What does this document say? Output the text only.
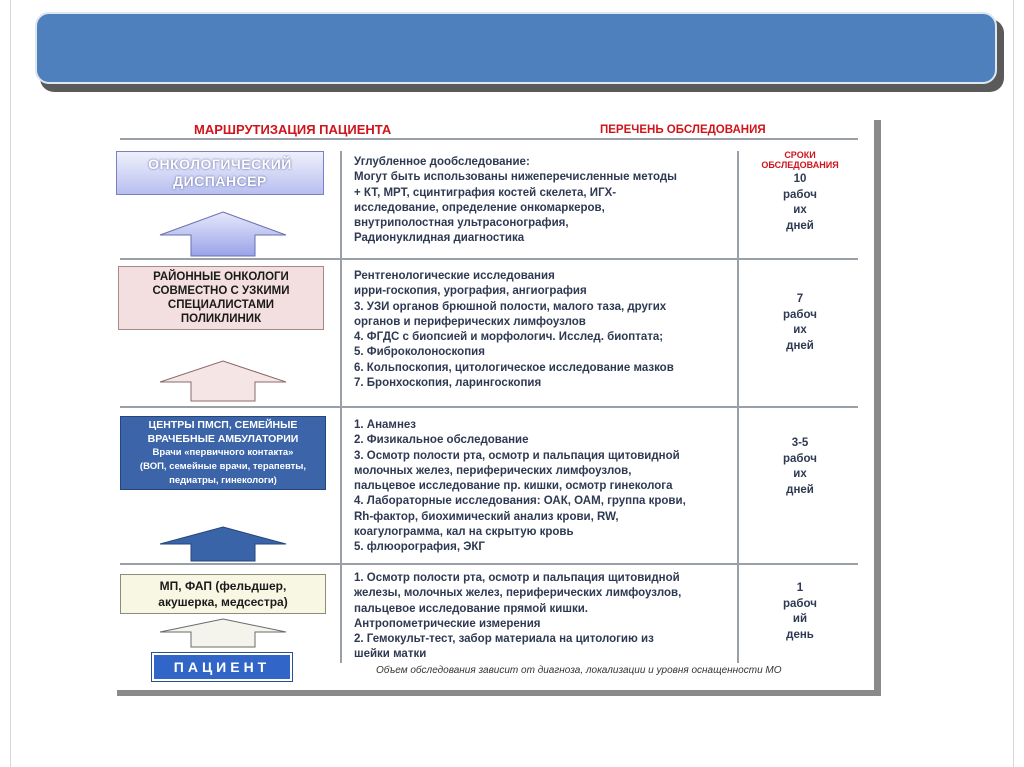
МАРШРУТИЗАЦИЯ ПАЦИЕНТА	ПЕРЕЧЕНЬ ОБСЛЕДОВАНИЯ
СРОКИ
ОБСЛЕДОВАНИЯ
ОНКОЛОГИЧЕСКИЙ
ДИСПАНСЕР
РАЙОННЫЕ ОНКОЛОГИ
СОВМЕСТНО С УЗКИМИ
СПЕЦИАЛИСТАМИ
ПОЛИКЛИНИК
ЦЕНТРЫ ПМСП, СЕМЕЙНЫЕ
ВРАЧЕБНЫЕ АМБУЛАТОРИИ
Врачи «первичного контакта»
(ВОП, семейные врачи, терапевты,
педиатры, гинекологи)
МП, ФАП (фельдшер,
акушерка, медсестра)
ПАЦИЕНТ
Углубленное дообследование:
Могут быть использованы нижеперечисленные методы
+ КТ, МРТ, сцинтиграфия костей скелета, ИГХ-
исследование, определение онкомаркеров,
внутриполостная ультрасонография,
Радионуклидная диагностика
Рентгенологические исследования
ирри-госкопия, урография, ангиография
3. УЗИ органов брюшной полости, малого таза, других
органов и периферических лимфоузлов
4. ФГДС с биопсией и морфологич. Исслед. биоптата;
5. Фиброколоноскопия
6. Кольпоскопия, цитологическое исследование мазков
7. Бронхоскопия, ларингоскопия
1. Анамнез
2. Физикальное обследование
3. Осмотр полости рта, осмотр и пальпация щитовидной
молочных желез, периферических лимфоузлов,
пальцевое исследование пр. кишки, осмотр гинеколога
4. Лабораторные исследования: ОАК, ОАМ, группа крови,
Rh-фактор, биохимический анализ крови, RW,
коагулограмма, кал на скрытую кровь
5. флюорография, ЭКГ
1. Осмотр полости рта, осмотр и пальпация щитовидной
железы, молочных желез, периферических лимфоузлов,
пальцевое исследование прямой кишки.
Антропометрические измерения
2. Гемокульт-тест, забор материала на цитологию из
шейки матки
10
рабоч
их
дней
7
рабоч
их
дней
3-5
рабоч
их
дней
1
рабоч
ий
день
Объем обследования зависит от диагноза, локализации и уровня оснащенности МО
